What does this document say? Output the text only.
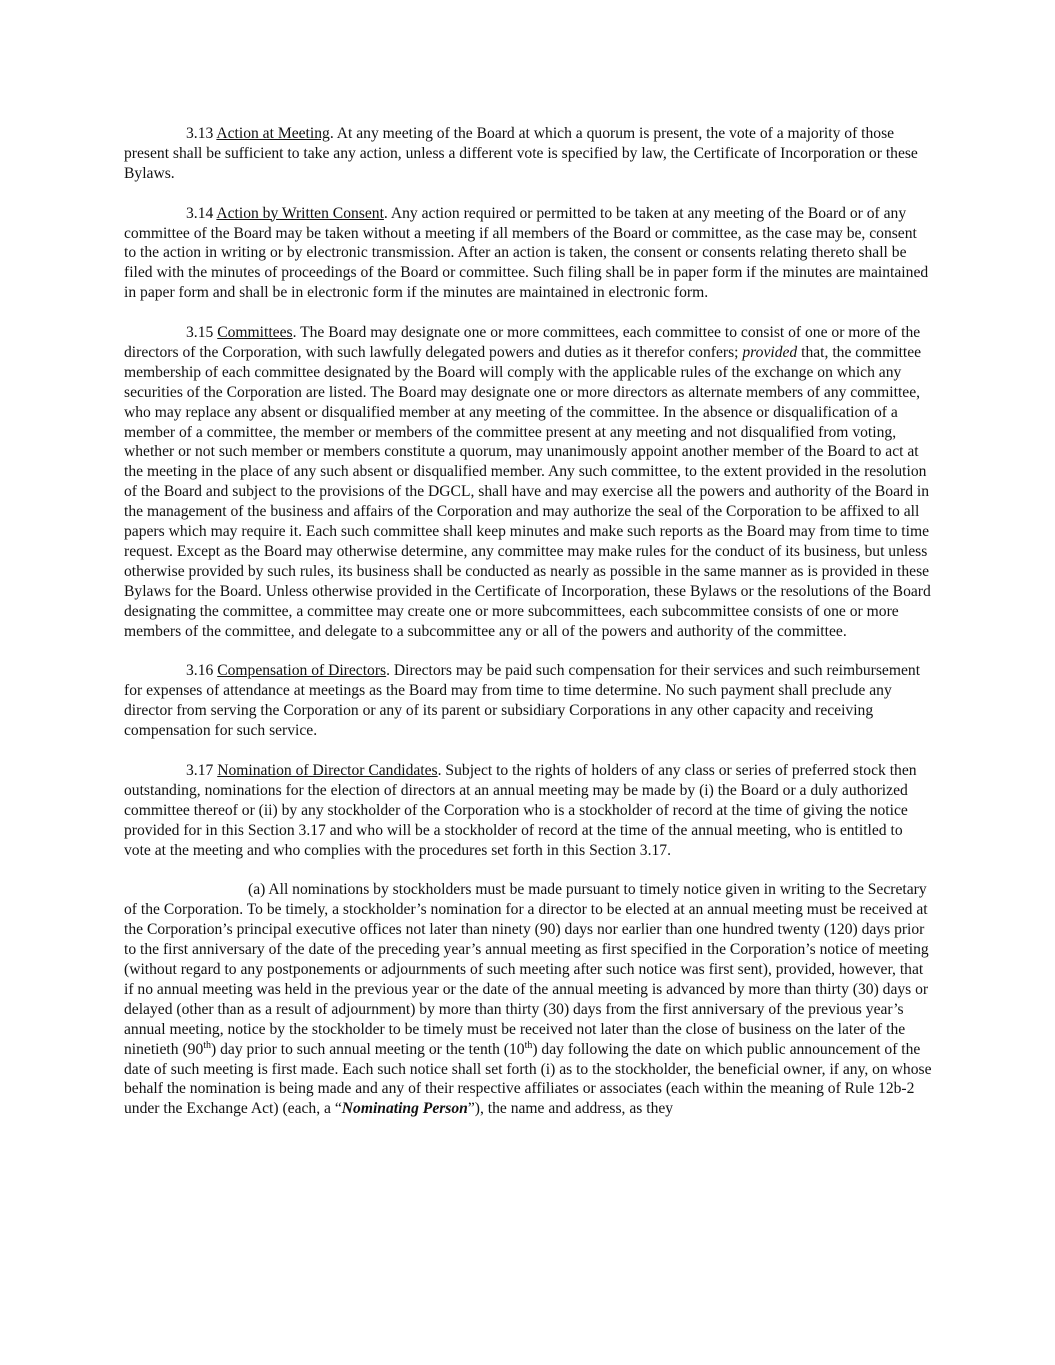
3.13 Action at Meeting. At any meeting of the Board at which a quorum is present, the vote of a majority of those present shall be sufficient to take any action, unless a different vote is specified by law, the Certificate of Incorporation or these Bylaws.

3.14 Action by Written Consent. Any action required or permitted to be taken at any meeting of the Board or of any committee of the Board may be taken without a meeting if all members of the Board or committee, as the case may be, consent to the action in writing or by electronic transmission. After an action is taken, the consent or consents relating thereto shall be filed with the minutes of proceedings of the Board or committee. Such filing shall be in paper form if the minutes are maintained in paper form and shall be in electronic form if the minutes are maintained in electronic form.

3.15 Committees. The Board may designate one or more committees, each committee to consist of one or more of the directors of the Corporation, with such lawfully delegated powers and duties as it therefor confers; provided that, the committee membership of each committee designated by the Board will comply with the applicable rules of the exchange on which any securities of the Corporation are listed. The Board may designate one or more directors as alternate members of any committee, who may replace any absent or disqualified member at any meeting of the committee. In the absence or disqualification of a member of a committee, the member or members of the committee present at any meeting and not disqualified from voting, whether or not such member or members constitute a quorum, may unanimously appoint another member of the Board to act at the meeting in the place of any such absent or disqualified member. Any such committee, to the extent provided in the resolution of the Board and subject to the provisions of the DGCL, shall have and may exercise all the powers and authority of the Board in the management of the business and affairs of the Corporation and may authorize the seal of the Corporation to be affixed to all papers which may require it. Each such committee shall keep minutes and make such reports as the Board may from time to time request. Except as the Board may otherwise determine, any committee may make rules for the conduct of its business, but unless otherwise provided by such rules, its business shall be conducted as nearly as possible in the same manner as is provided in these Bylaws for the Board. Unless otherwise provided in the Certificate of Incorporation, these Bylaws or the resolutions of the Board designating the committee, a committee may create one or more subcommittees, each subcommittee consists of one or more members of the committee, and delegate to a subcommittee any or all of the powers and authority of the committee.

3.16 Compensation of Directors. Directors may be paid such compensation for their services and such reimbursement for expenses of attendance at meetings as the Board may from time to time determine. No such payment shall preclude any director from serving the Corporation or any of its parent or subsidiary Corporations in any other capacity and receiving compensation for such service.

3.17 Nomination of Director Candidates. Subject to the rights of holders of any class or series of preferred stock then outstanding, nominations for the election of directors at an annual meeting may be made by (i) the Board or a duly authorized committee thereof or (ii) by any stockholder of the Corporation who is a stockholder of record at the time of giving the notice provided for in this Section 3.17 and who will be a stockholder of record at the time of the annual meeting, who is entitled to vote at the meeting and who complies with the procedures set forth in this Section 3.17.

(a) All nominations by stockholders must be made pursuant to timely notice given in writing to the Secretary of the Corporation. To be timely, a stockholder’s nomination for a director to be elected at an annual meeting must be received at the Corporation’s principal executive offices not later than ninety (90) days nor earlier than one hundred twenty (120) days prior to the first anniversary of the date of the preceding year’s annual meeting as first specified in the Corporation’s notice of meeting (without regard to any postponements or adjournments of such meeting after such notice was first sent), provided, however, that if no annual meeting was held in the previous year or the date of the annual meeting is advanced by more than thirty (30) days or delayed (other than as a result of adjournment) by more than thirty (30) days from the first anniversary of the previous year’s annual meeting, notice by the stockholder to be timely must be received not later than the close of business on the later of the ninetieth (90th) day prior to such annual meeting or the tenth (10th) day following the date on which public announcement of the date of such meeting is first made. Each such notice shall set forth (i) as to the stockholder, the beneficial owner, if any, on whose behalf the nomination is being made and any of their respective affiliates or associates (each within the meaning of Rule 12b-2 under the Exchange Act) (each, a “Nominating Person”), the name and address, as they
